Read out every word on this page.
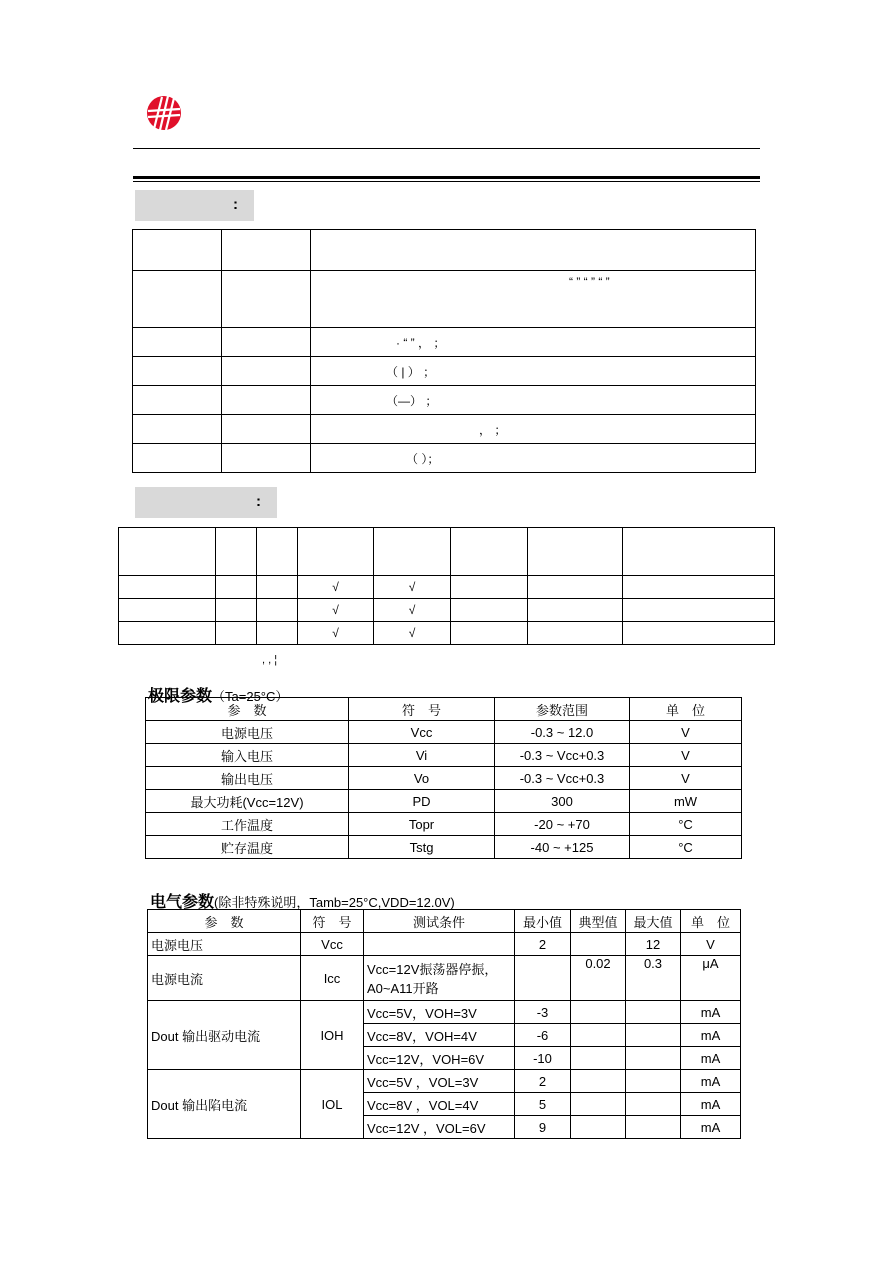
:

		“ ” “ ” “ ”
		· “ ” ， ；
		（ | ） ；
		（—） ；
		， ；
		（ ）；
:

			√	√			
			√	√			
			√	√			
, , ¦
极限参数（Ta=25°C）
参　数	符　号	参数范围	单　位
电源电压	Vcc	-0.3 ~ 12.0	V
输入电压	Vi	-0.3 ~ Vcc+0.3	V
输出电压	Vo	-0.3 ~ Vcc+0.3	V
最大功耗(Vcc=12V)	PD	300	mW
工作温度	Topr	-20 ~ +70	°C
贮存温度	Tstg	-40 ~ +125	°C
电气参数(除非特殊说明，Tamb=25°C,VDD=12.0V)
参　数	符　号	测试条件	最小值	典型值	最大值	单　位
电源电压	Vcc		2		12	V
电源电流	Icc	Vcc=12V振荡器停振，
A0~A11开路		0.02	0.3	μA
Dout 输出驱动电流	IOH	Vcc=5V，VOH=3V	-3			mA
		Vcc=8V，VOH=4V	-6			mA
		Vcc=12V，VOH=6V	-10			mA
Dout 输出陷电流	IOL	Vcc=5V ，VOL=3V	2			mA
		Vcc=8V ，VOL=4V	5			mA
		Vcc=12V ，VOL=6V	9			mA
